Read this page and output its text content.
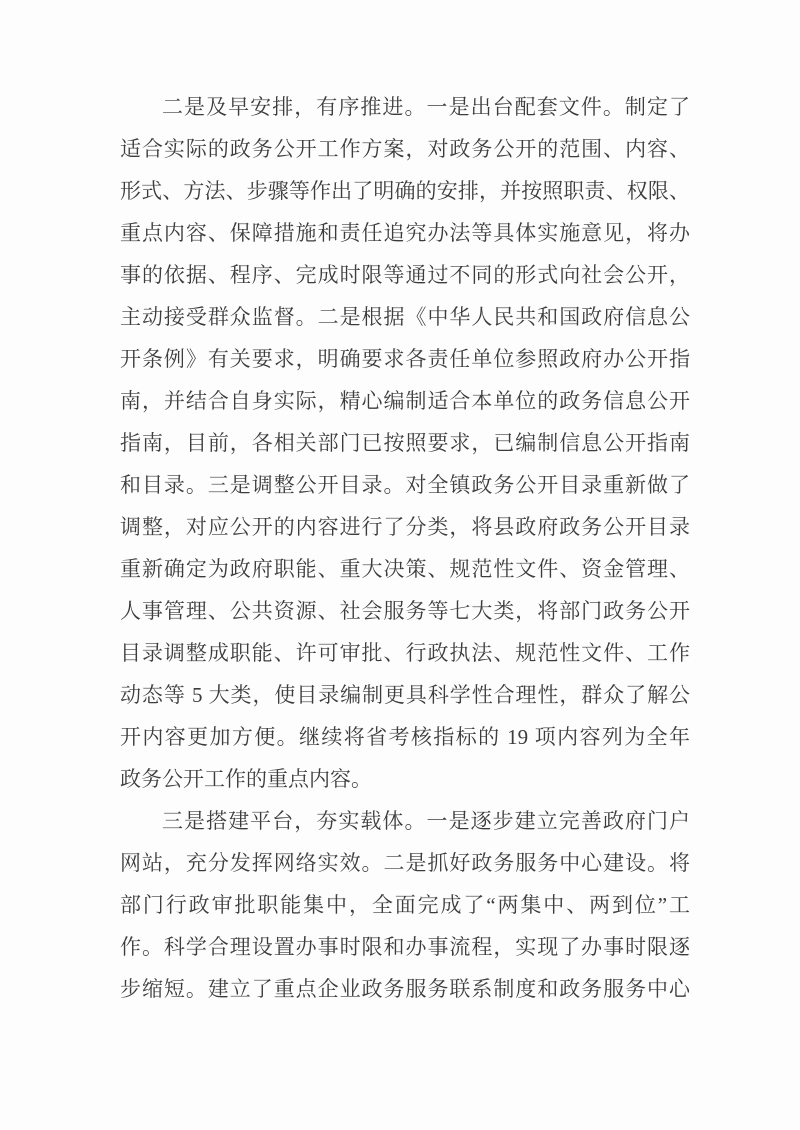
二是及早安排，有序推进。一是出台配套文件。制定了
适合实际的政务公开工作方案，对政务公开的范围、内容、
形式、方法、步骤等作出了明确的安排，并按照职责、权限、
重点内容、保障措施和责任追究办法等具体实施意见，将办
事的依据、程序、完成时限等通过不同的形式向社会公开，
主动接受群众监督。二是根据《中华人民共和国政府信息公
开条例》有关要求，明确要求各责任单位参照政府办公开指
南，并结合自身实际，精心编制适合本单位的政务信息公开
指南，目前，各相关部门已按照要求，已编制信息公开指南
和目录。三是调整公开目录。对全镇政务公开目录重新做了
调整，对应公开的内容进行了分类，将县政府政务公开目录
重新确定为政府职能、重大决策、规范性文件、资金管理、
人事管理、公共资源、社会服务等七大类，将部门政务公开
目录调整成职能、许可审批、行政执法、规范性文件、工作
动态等 5 大类，使目录编制更具科学性合理性，群众了解公
开内容更加方便。继续将省考核指标的 19 项内容列为全年
政务公开工作的重点内容。
三是搭建平台，夯实载体。一是逐步建立完善政府门户
网站，充分发挥网络实效。二是抓好政务服务中心建设。将
部门行政审批职能集中，全面完成了“两集中、两到位”工
作。科学合理设置办事时限和办事流程，实现了办事时限逐
步缩短。建立了重点企业政务服务联系制度和政务服务中心
